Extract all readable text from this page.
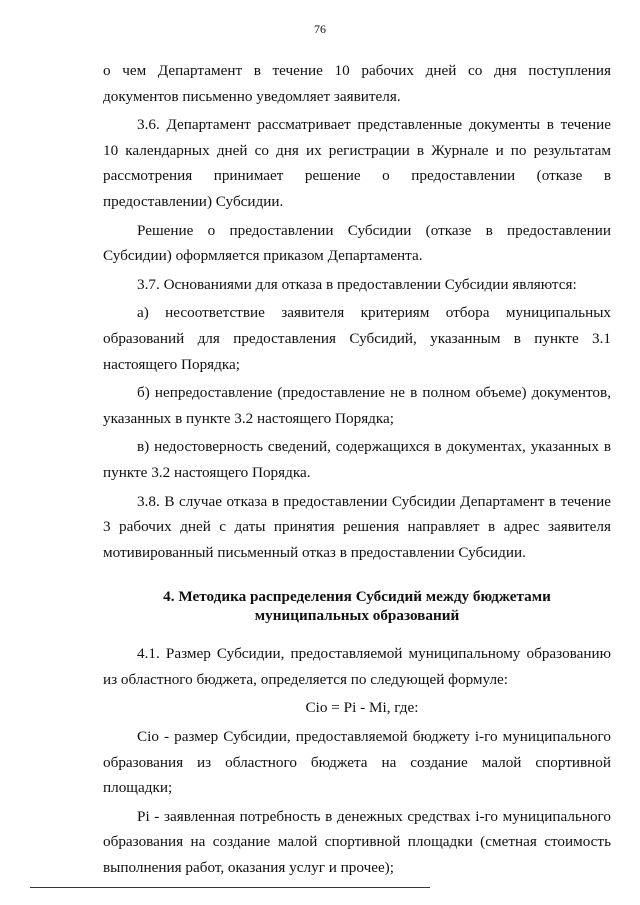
76

о чем Департамент в течение 10 рабочих дней со дня поступления документов письменно уведомляет заявителя.

3.6. Департамент рассматривает представленные документы в течение 10 календарных дней со дня их регистрации в Журнале и по результатам рассмотрения принимает решение о предоставлении (отказе в предоставлении) Субсидии.

Решение о предоставлении Субсидии (отказе в предоставлении Субсидии) оформляется приказом Департамента.

3.7. Основаниями для отказа в предоставлении Субсидии являются:

а) несоответствие заявителя критериям отбора муниципальных образований для предоставления Субсидий, указанным в пункте 3.1 настоящего Порядка;

б) непредоставление (предоставление не в полном объеме) документов, указанных в пункте 3.2 настоящего Порядка;

в) недостоверность сведений, содержащихся в документах, указанных в пункте 3.2 настоящего Порядка.

3.8. В случае отказа в предоставлении Субсидии Департамент в течение 3 рабочих дней с даты принятия решения направляет в адрес заявителя мотивированный письменный отказ в предоставлении Субсидии.

4. Методика распределения Субсидий между бюджетами
муниципальных образований

4.1. Размер Субсидии, предоставляемой муниципальному образованию из областного бюджета, определяется по следующей формуле:

Сiо = Pi - Mi, где:

Сiо - размер Субсидии, предоставляемой бюджету i-го муниципального образования из областного бюджета на создание малой спортивной площадки;

Pi - заявленная потребность в денежных средствах i-го муниципального образования на создание малой спортивной площадки (сметная стоимость выполнения работ, оказания услуг и прочее);
